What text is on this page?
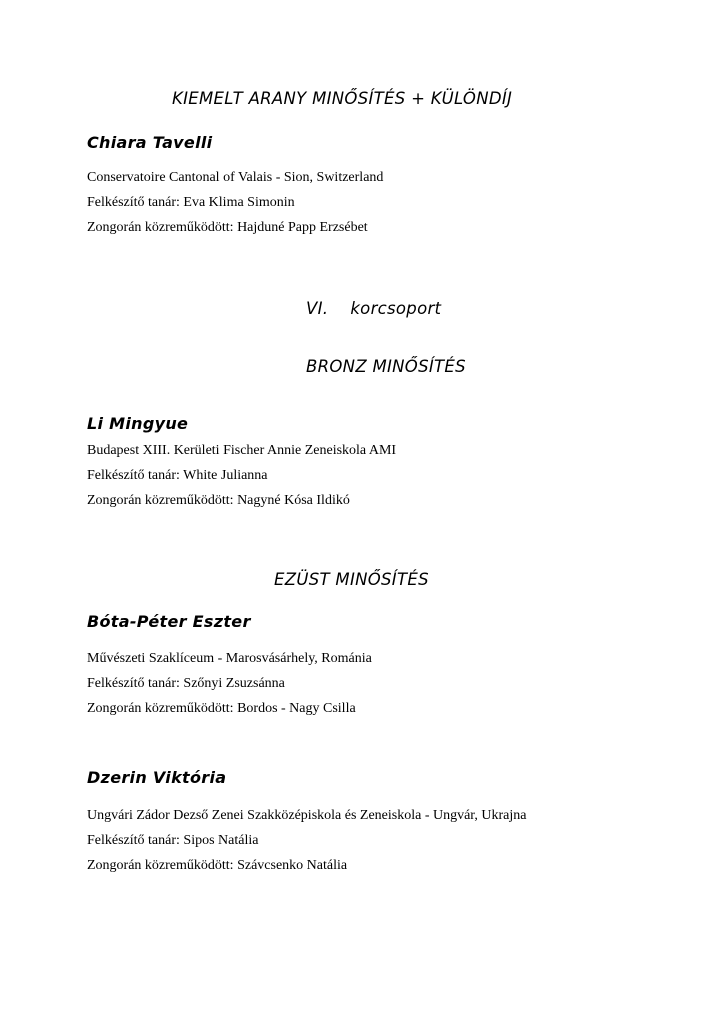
KIEMELT ARANY MINŐSÍTÉS + KÜLÖNDÍJ
Chiara Tavelli
Conservatoire Cantonal of Valais - Sion, Switzerland
Felkészítő tanár: Eva Klima Simonin
Zongorán közreműködött: Hajduné Papp Erzsébet
VI. korcsoport
BRONZ MINŐSÍTÉS
Li Mingyue
Budapest XIII. Kerületi Fischer Annie Zeneiskola AMI
Felkészítő tanár: White Julianna
Zongorán közreműködött: Nagyné Kósa Ildikó
EZÜST MINŐSÍTÉS
Bóta-Péter Eszter
Művészeti Szaklíceum - Marosvásárhely, Románia
Felkészítő tanár: Szőnyi Zsuzsánna
Zongorán közreműködött: Bordos - Nagy Csilla
Dzerin Viktória
Ungvári Zádor Dezső Zenei Szakközépiskola és Zeneiskola - Ungvár, Ukrajna
Felkészítő tanár: Sipos Natália
Zongorán közreműködött: Szávcsenko Natália
